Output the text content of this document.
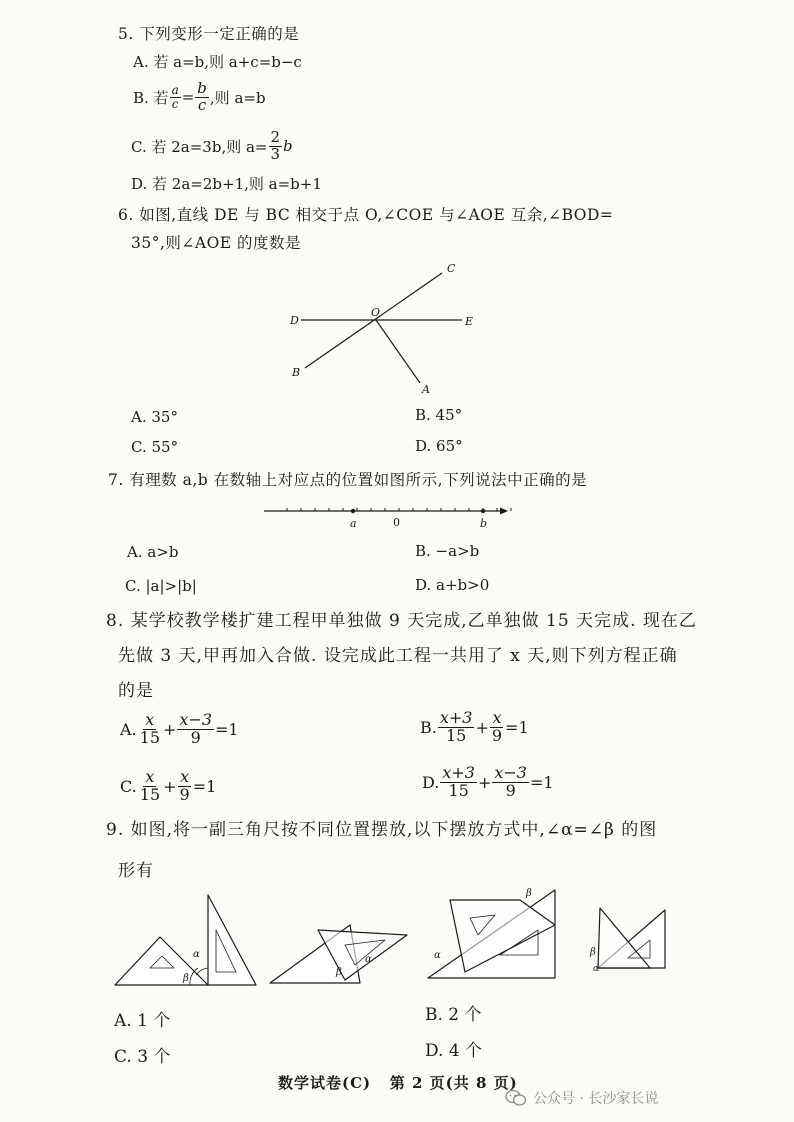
5. 下列变形一定正确的是
A. 若 a=b,则 a+c=b−c
B. 若 $\frac{a}{c} = \frac{b}{c}$ ,则 a=b
C. 若 2a=3b,则 $a= \frac{2}{3}$ b
D. 若 2a=2b+1,则 a=b+1
6. 如图,直线 DE 与 BC 相交于点 O,∠COE 与∠AOE 互余,∠BOD=
35°,则∠AOE 的度数是
C
O
D	E
B
A
A. 35°	B. 45°
C. 55°	D. 65°
7. 有理数 a,b 在数轴上对应点的位置如图所示,下列说法中正确的是
a	0	b
A. a>b	B. −a>b
C. |a|>|b|	D. a+b>0
8. 某学校教学楼扩建工程甲单独做 9 天完成,乙单独做 15 天完成. 现在乙
先做 3 天,甲再加入合做. 设完成此工程一共用了 x 天,则下列方程正确
的是
A. $\frac{x}{15} + \frac{x-3}{9} =1$	B. $\frac{x+3}{15} + \frac{x}{9} =1$
C. $\frac{x}{15} + \frac{x}{9} =1$	D. $\frac{x+3}{15} + \frac{x-3}{9} =1$
9. 如图,将一副三角尺按不同位置摆放,以下摆放方式中,∠α=∠β 的图
形有
α
β
β
α
β
α	β
α
A. 1 个	B. 2 个
C. 3 个	D. 4 个
数学试卷(C)   第 2 页(共 8 页)
公众号 · 长沙家长说
